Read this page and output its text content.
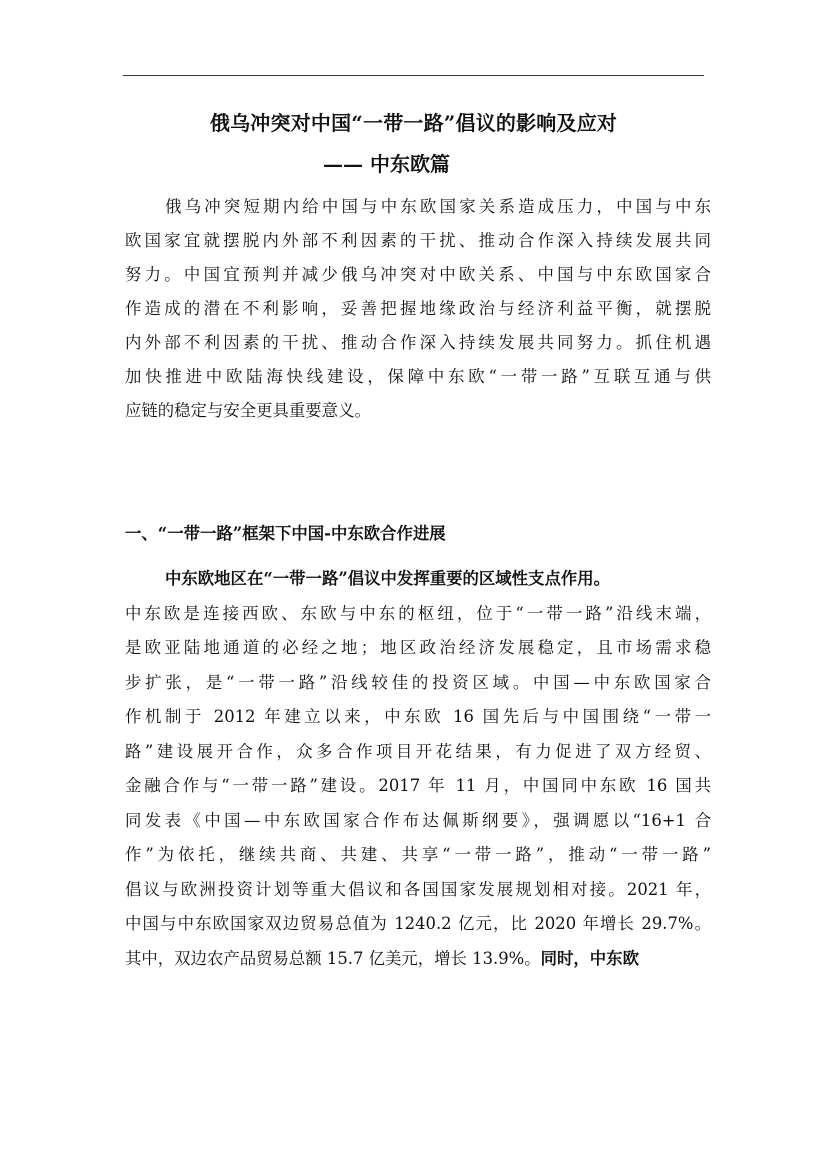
俄乌冲突对中国“一带一路”倡议的影响及应对
—— 中东欧篇
俄乌冲突短期内给中国与中东欧国家关系造成压力，中国与中东
欧国家宜就摆脱内外部不利因素的干扰、推动合作深入持续发展共同
努力。中国宜预判并减少俄乌冲突对中欧关系、中国与中东欧国家合
作造成的潜在不利影响，妥善把握地缘政治与经济利益平衡，就摆脱
内外部不利因素的干扰、推动合作深入持续发展共同努力。抓住机遇
加快推进中欧陆海快线建设，保障中东欧“一带一路”互联互通与供
应链的稳定与安全更具重要意义。
一、“一带一路”框架下中国-中东欧合作进展
中东欧地区在“一带一路”倡议中发挥重要的区域性支点作用。
中东欧是连接西欧、东欧与中东的枢纽，位于“一带一路”沿线末端，
是欧亚陆地通道的必经之地；地区政治经济发展稳定，且市场需求稳
步扩张，是“一带一路”沿线较佳的投资区域。中国—中东欧国家合
作机制于 2012 年建立以来，中东欧 16 国先后与中国围绕“一带一
路”建设展开合作，众多合作项目开花结果，有力促进了双方经贸、
金融合作与“一带一路”建设。2017 年 11 月，中国同中东欧 16 国共
同发表《中国—中东欧国家合作布达佩斯纲要》，强调愿以“16+1 合
作”为依托，继续共商、共建、共享“一带一路”，推动“一带一路”
倡议与欧洲投资计划等重大倡议和各国国家发展规划相对接。2021 年，
中国与中东欧国家双边贸易总值为 1240.2 亿元，比 2020 年增长 29.7%。
其中，双边农产品贸易总额 15.7 亿美元，增长 13.9%。同时，中东欧
